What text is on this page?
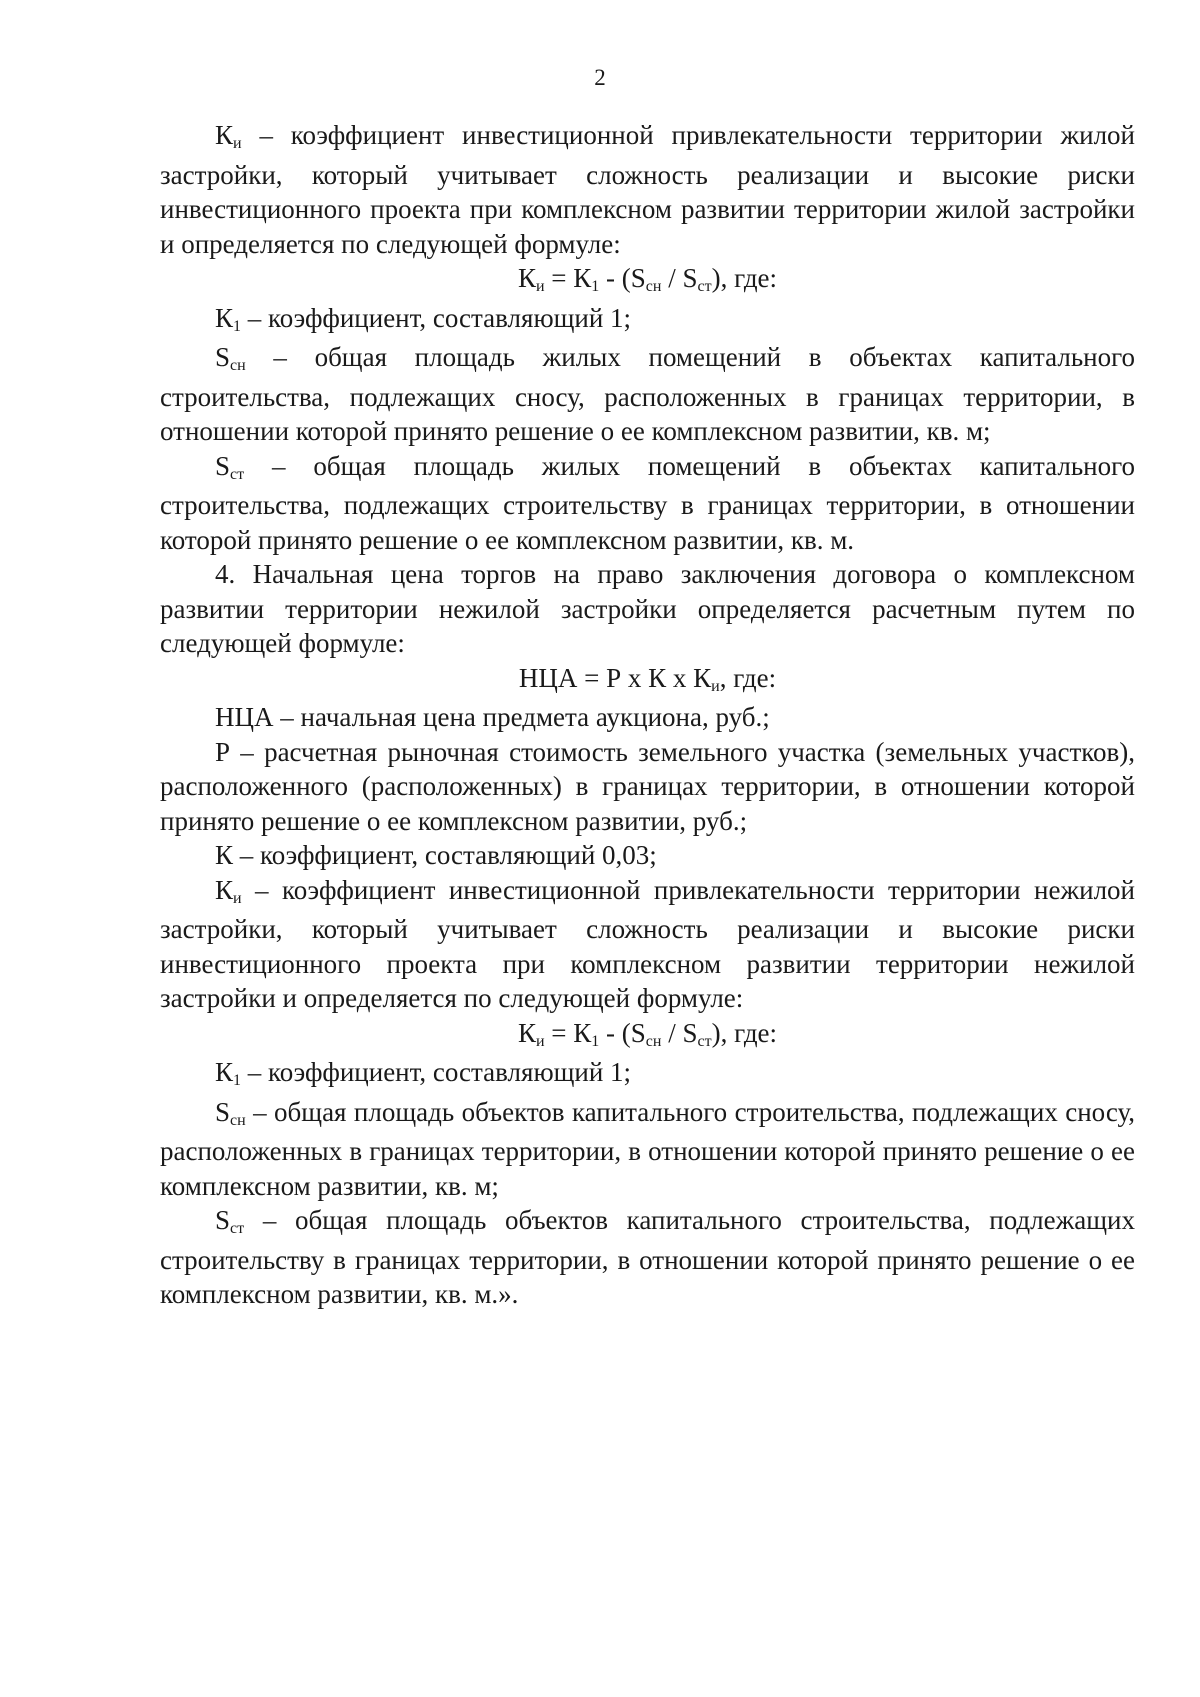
2

Ки – коэффициент инвестиционной привлекательности территории жилой застройки, который учитывает сложность реализации и высокие риски инвестиционного проекта при комплексном развитии территории жилой застройки и определяется по следующей формуле:

Ки = К1 - (Sсн / Sст), где:

К1 – коэффициент, составляющий 1;

Sсн – общая площадь жилых помещений в объектах капитального строительства, подлежащих сносу, расположенных в границах территории, в отношении которой принято решение о ее комплексном развитии, кв. м;

Sст – общая площадь жилых помещений в объектах капитального строительства, подлежащих строительству в границах территории, в отношении которой принято решение о ее комплексном развитии, кв. м.

4. Начальная цена торгов на право заключения договора о комплексном развитии территории нежилой застройки определяется расчетным путем по следующей формуле:

НЦА = Р х К х Ки, где:

НЦА – начальная цена предмета аукциона, руб.;

Р – расчетная рыночная стоимость земельного участка (земельных участков), расположенного (расположенных) в границах территории, в отношении которой принято решение о ее комплексном развитии, руб.;

К – коэффициент, составляющий 0,03;

Ки – коэффициент инвестиционной привлекательности территории нежилой застройки, который учитывает сложность реализации и высокие риски инвестиционного проекта при комплексном развитии территории нежилой застройки и определяется по следующей формуле:

Ки = К1 - (Sсн / Sст), где:

К1 – коэффициент, составляющий 1;

Sсн – общая площадь объектов капитального строительства, подлежащих сносу, расположенных в границах территории, в отношении которой принято решение о ее комплексном развитии, кв. м;

Sст – общая площадь объектов капитального строительства, подлежащих строительству в границах территории, в отношении которой принято решение о ее комплексном развитии, кв. м.».
